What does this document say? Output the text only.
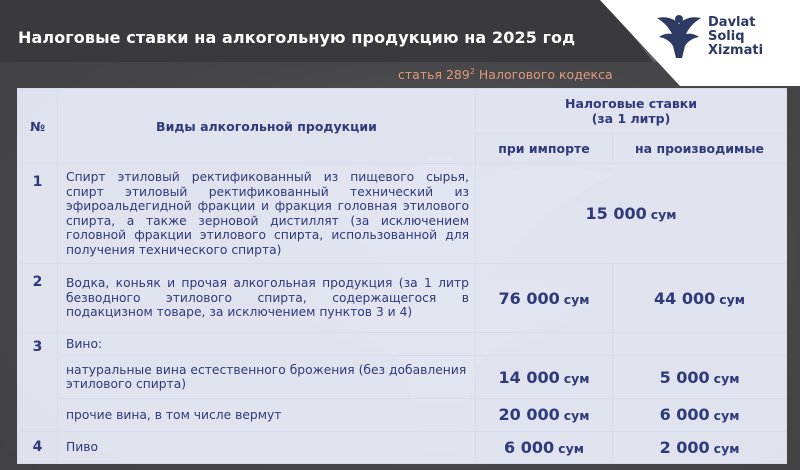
Налоговые ставки на алкогольную продукцию на 2025 год
статья $289^2$ Налогового кодекса
Davlat
Soliq
Xizmati
№	Виды алкогольной продукции	Налоговые ставки
(за 1 литр)	

		при импорте	на производимые
1	Спирт этиловый ректификованный из пищевого сырья, спирт этиловый ректификованный технический из эфироальдегидной фракции и фракция головная этилового спирта, а также зерновой дистиллят (за исключением головной фракции этилового спирта, использованной для получения технического спирта)	15 000 сум	
2	Водка, коньяк и прочая алкогольная продукция (за 1 литр безводного этилового спирта, содержащегося в подакцизном товаре, за исключением пунктов 3 и 4)	76 000 сум	44 000 сум
3	Вино:		
	натуральные вина естественного брожения (без добавления этилового спирта)	14 000 сум	5 000 сум
	прочие вина, в том числе вермут	20 000 сум	6 000 сум
4	Пиво	6 000 сум	2 000 сум
